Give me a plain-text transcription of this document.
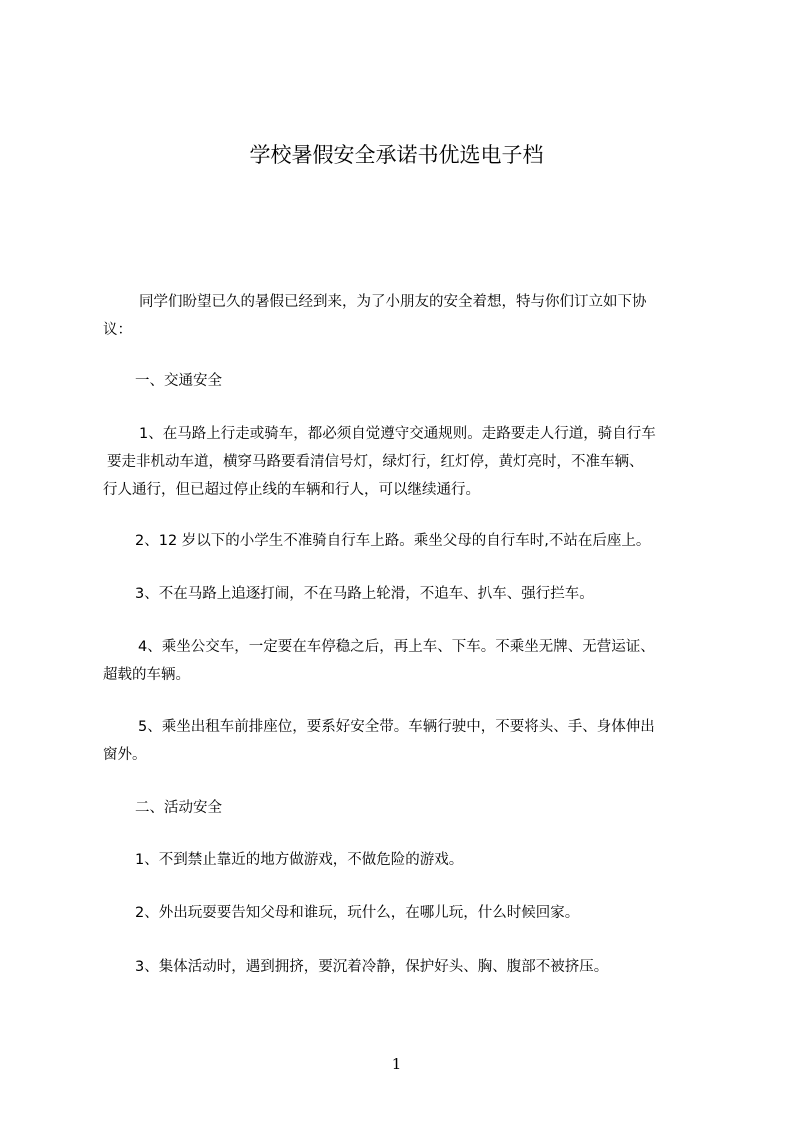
学校暑假安全承诺书优选电子档
同学们盼望已久的暑假已经到来，为了小朋友的安全着想，特与你们订立如下协
议：
一、交通安全
1、在马路上行走或骑车，都必须自觉遵守交通规则。走路要走人行道，骑自行车
要走非机动车道，横穿马路要看清信号灯，绿灯行，红灯停，黄灯亮时，不准车辆、
行人通行，但已超过停止线的车辆和行人，可以继续通行。
2、12 岁以下的小学生不准骑自行车上路。乘坐父母的自行车时,不站在后座上。
3、不在马路上追逐打闹，不在马路上轮滑，不追车、扒车、强行拦车。
4、乘坐公交车，一定要在车停稳之后，再上车、下车。不乘坐无牌、无营运证、
超载的车辆。
5、乘坐出租车前排座位，要系好安全带。车辆行驶中，不要将头、手、身体伸出
窗外。
二、活动安全
1、不到禁止靠近的地方做游戏，不做危险的游戏。
2、外出玩耍要告知父母和谁玩，玩什么，在哪儿玩，什么时候回家。
3、集体活动时，遇到拥挤，要沉着冷静，保护好头、胸、腹部不被挤压。
1
